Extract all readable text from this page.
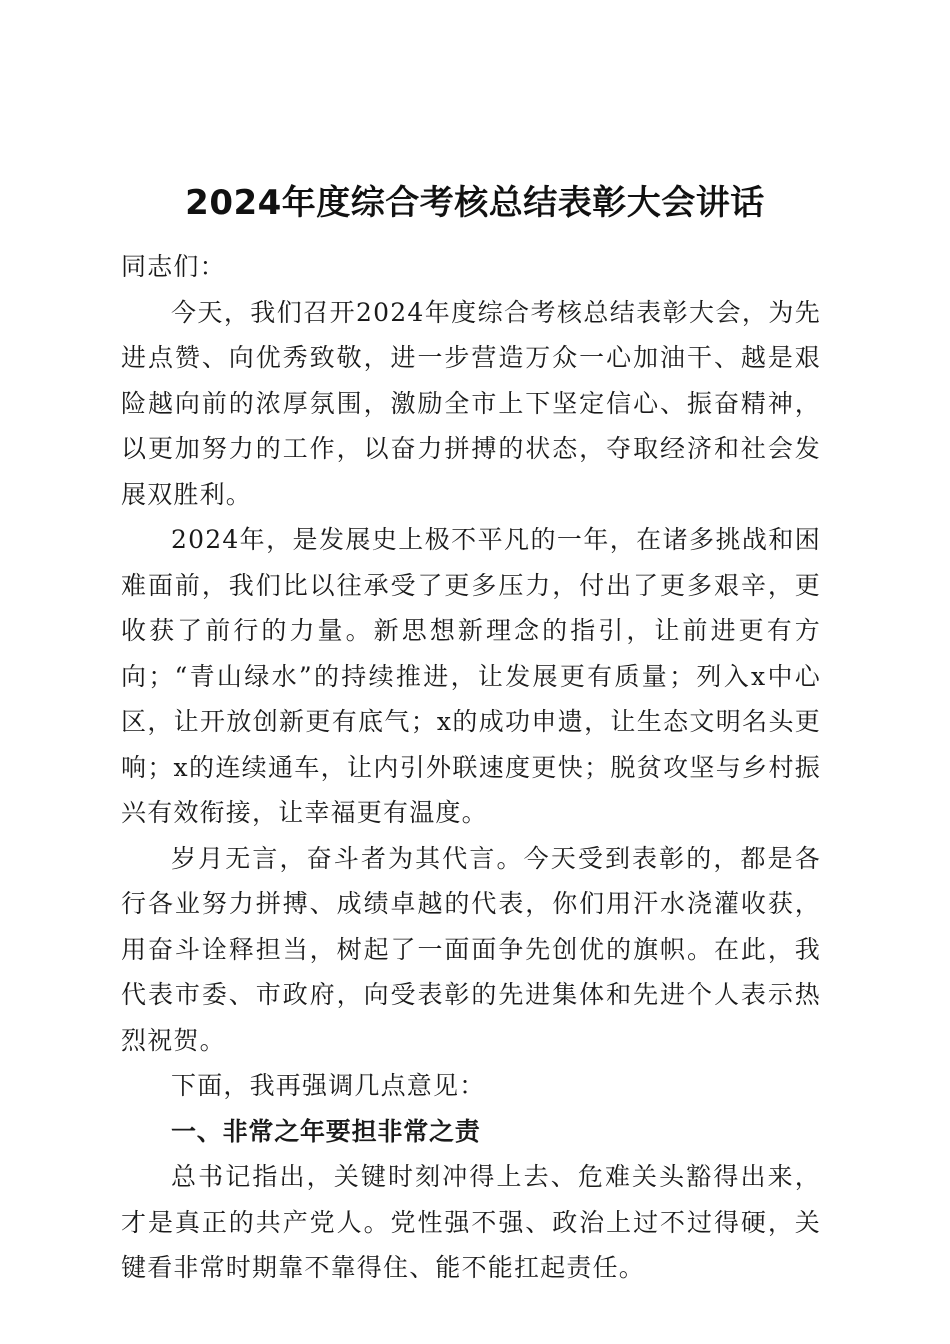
2024年度综合考核总结表彰大会讲话

同志们：

今天，我们召开2024年度综合考核总结表彰大会，为先进点赞、向优秀致敬，进一步营造万众一心加油干、越是艰险越向前的浓厚氛围，激励全市上下坚定信心、振奋精神，以更加努力的工作，以奋力拼搏的状态，夺取经济和社会发展双胜利。

2024年，是发展史上极不平凡的一年，在诸多挑战和困难面前，我们比以往承受了更多压力，付出了更多艰辛，更收获了前行的力量。新思想新理念的指引，让前进更有方向；“青山绿水”的持续推进，让发展更有质量；列入x中心区，让开放创新更有底气；x的成功申遗，让生态文明名头更响；x的连续通车，让内引外联速度更快；脱贫攻坚与乡村振兴有效衔接，让幸福更有温度。

岁月无言，奋斗者为其代言。今天受到表彰的，都是各行各业努力拼搏、成绩卓越的代表，你们用汗水浇灌收获，用奋斗诠释担当，树起了一面面争先创优的旗帜。在此，我代表市委、市政府，向受表彰的先进集体和先进个人表示热烈祝贺。

下面，我再强调几点意见：

一、非常之年要担非常之责

总书记指出，关键时刻冲得上去、危难关头豁得出来，才是真正的共产党人。党性强不强、政治上过不过得硬，关键看非常时期靠不靠得住、能不能扛起责任。
